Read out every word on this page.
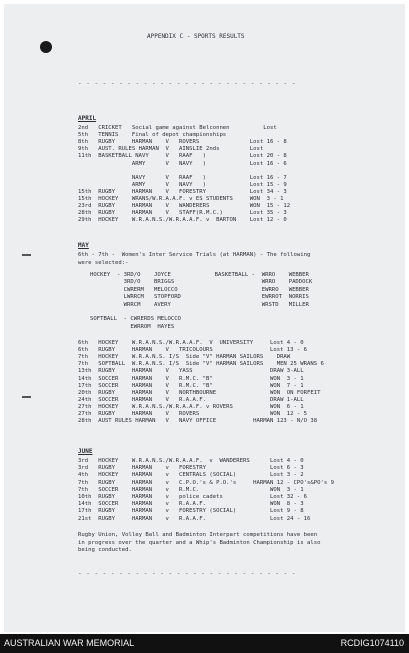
APPENDIX C - SPORTS RESULTS
- - - - - - - - - - - - - - - - - - - - - - - - - - -
APRIL
2nd   CRICKET   Social game against Belconnen          Lost
5th   TENNIS    Final of depot championships
8th   RUGBY     HARMAN    V   ROVERS               Lost 16 - 8
9th   AUST. RULES HARMAN  V   AINSLIE 2nds         Lost
11th  BASKETBALL NAVY     V   RAAF   )             Lost 20 - 8
ARMY      V   NAVY   )             Lost 16 - 6
NAVY      V   RAAF   )             Lost 16 - 7
ARMY      V   NAVY   )             Lost 15 - 9
15th  RUGBY     HARMAN    V   FORESTRY             Lost 34 - 3
15th  HOCKEY    WRANS/W.R.A.A.F. v ES STUDENTS     WON  3 - 1
23rd  RUGBY     HARMAN    V   WANDERERS            WON  15 - 12
28th  RUGBY     HARMAN    V   STAFF(R.M.C.)        Lost 35 - 3
29th  HOCKEY    W.R.A.N.S./W.R.A.A.F. v  BARTON    Lost 12 - 0
MAY
6th - 7th -  Women's Inter Service Trials (at HARMAN) - The following
were selected:-
HOCKEY  - 3RD/O    JOYCE             BASKETBALL -  WRRO    WEBBER
3RD/O    BRIGGS                          WRRO    PADDOCK
CWRERM   MELOCCO                         EWRRO   WEBBER
LWRRCM   STOPFORD                        EWRROT  NORRIS
WRRCM    AVERY                           WRSTD   MILLER
SOFTBALL  - CWRERDS MELOCCO
EWRROM  HAYES
6th   HOCKEY    W.R.A.N.S./W.R.A.A.F.  V  UNIVERSITY     Lost 4 - 0
6th   RUGBY     HARMAN    V   TRICOLOURS                 Lost 13 - 6
7th   HOCKEY    W.R.A.N.S. I/S  Side "V" HARMAN SAILORS    DRAW
7th   SOFTBALL  W.R.A.N.S. I/S  Side "V" HARMAN SAILORS    MEN 25 WRANS 6
13th  RUGBY     HARMAN    V   YASS                       DRAW 3-ALL
14th  SOCCER    HARMAN    V   R.M.C. "B"                 WON  3 - 1
17th  SOCCER    HARMAN    V   R.M.C. "B"                 WON  7 - 1
20th  RUGBY     HARMAN    V   NORTHBOURNE                WON  ON FORFEIT
24th  SOCCER    HARMAN    V   R.A.A.F.                   DRAW 1-ALL
27th  HOCKEY    W.R.A.N.S./W.R.A.A.F. v ROVERS           WON  6 - 1
27th  RUGBY     HARMAN    V   ROVERS                     WON  12 - 5
28th  AUST RULES HARMAN   V   NAVY OFFICE           HARMAN 123 - N/O 38
JUNE
3rd   HOCKEY    W.R.A.N.S./W.R.A.A.F.  v  WANDERERS      Lost 4 - 0
3rd   RUGBY     HARMAN    v   FORESTRY                   Lost 6 - 3
4th   HOCKEY    HARMAN    v   CENTRALS (SOCIAL)          Lost 3 - 2
7th   RUGBY     HARMAN    v   C.P.O.'s & P.O.'s     HARMAN 12 - CPO's&PO's 9
7th   SOCCER    HARMAN    v   R.M.C.                     WON  3 - 1
10th  RUGBY     HARMAN    v   police cadets              Lost 32 - 6
14th  SOCCER    HARMAN    v   R.A.A.F.                   WON  8 - 3
17th  RUGBY     HARMAN    v   FORESTRY (SOCIAL)          Lost 9 - 8
21st  RUGBY     HARMAN    v   R.A.A.F.                   Lost 24 - 16
Rugby Union, Volley Ball and Badminton Interpart competitions have been
in progress over the quarter and a Whip's Badminton Championship is also
being conducted.
- - - - - - - - - - - - - - - - - - - - - - - - - - -
AUSTRALIAN WAR MEMORIAL	RCDIG1074110
